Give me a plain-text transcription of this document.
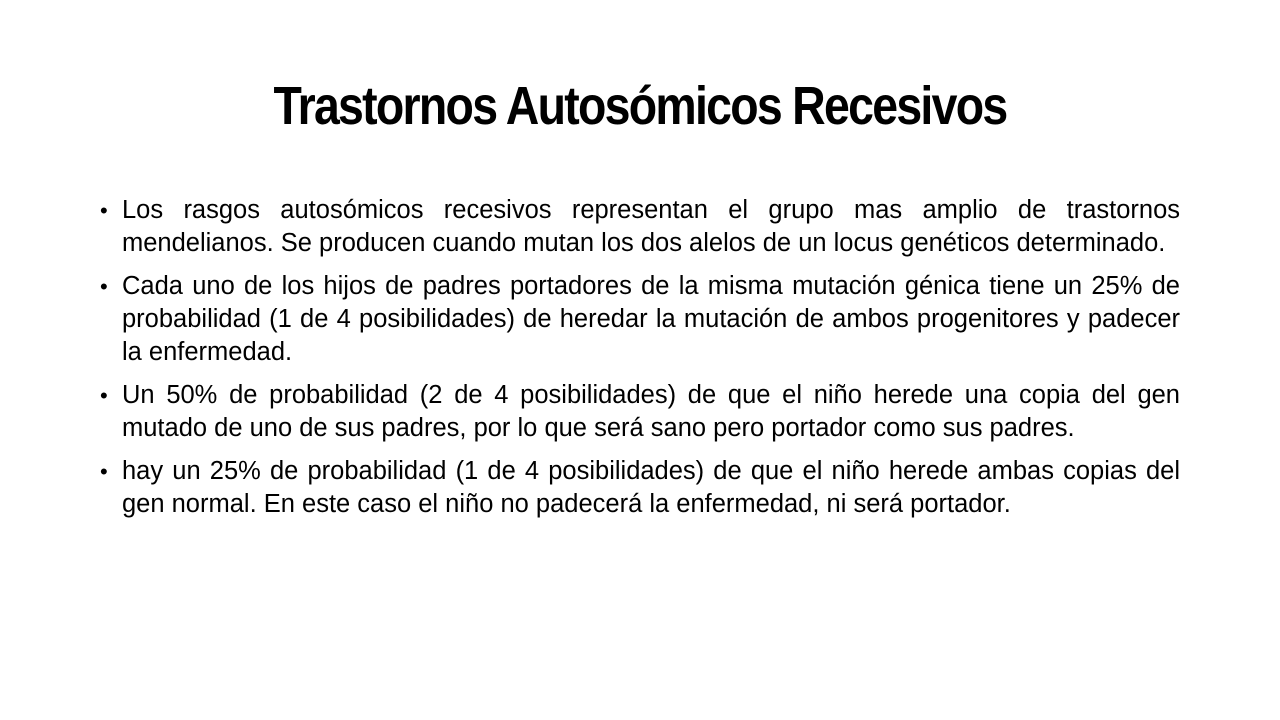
Trastornos Autosómicos Recesivos
• Los rasgos autosómicos recesivos representan el grupo mas amplio de trastornos mendelianos. Se producen cuando mutan los dos alelos de un locus genéticos determinado.
• Cada uno de los hijos de padres portadores de la misma mutación génica tiene un 25% de probabilidad (1 de 4 posibilidades) de heredar la mutación de ambos progenitores y padecer la enfermedad.
• Un 50% de probabilidad (2 de 4 posibilidades) de que el niño herede una copia del gen mutado de uno de sus padres, por lo que será sano pero portador como sus padres.
• hay un 25% de probabilidad (1 de 4 posibilidades) de que el niño herede ambas copias del gen normal. En este caso el niño no padecerá la enfermedad, ni será portador.
